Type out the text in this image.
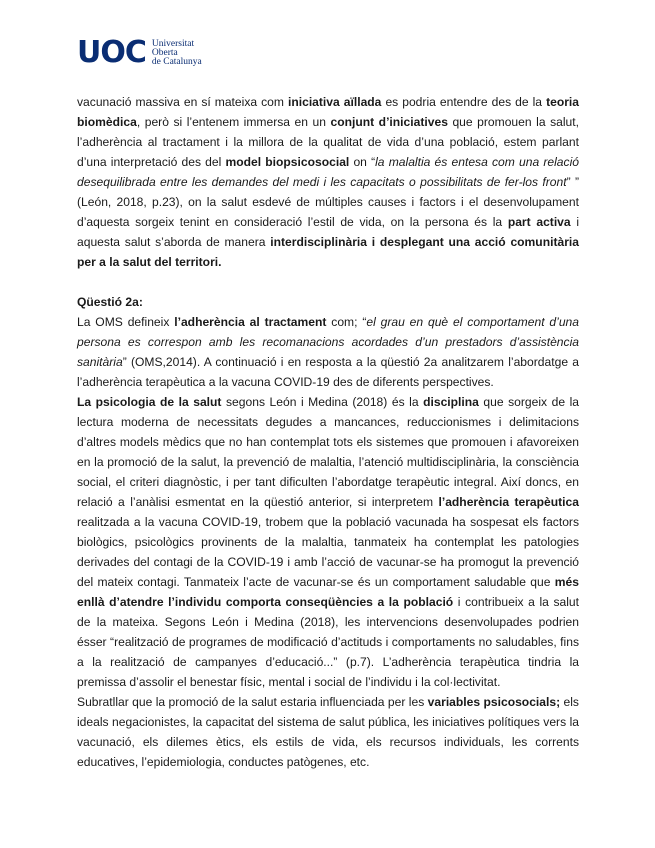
UOC Universitat
Oberta
de Catalunya

vacunació massiva en sí mateixa com iniciativa aïllada es podria entendre des de la teoria biomèdica, però si l’entenem immersa en un conjunt d’iniciatives que promouen la salut, l’adherència al tractament i la millora de la qualitat de vida d’una població, estem parlant d’una interpretació des del model biopsicosocial on “la malaltia és entesa com una relació desequilibrada entre les demandes del medi i les capacitats o possibilitats de fer-los front” ” (León, 2018, p.23), on la salut esdevé de múltiples causes i factors i el desenvolupament d’aquesta sorgeix tenint en consideració l’estil de vida, on la persona és la part activa i aquesta salut s’aborda de manera interdisciplinària i desplegant una acció comunitària per a la salut del territori.

Qüestió 2a:

La OMS defineix l’adherència al tractament com; “el grau en què el comportament d’una persona es correspon amb les recomanacions acordades d’un prestadors d’assistència sanitària” (OMS,2014). A continuació i en resposta a la qüestió 2a analitzarem l’abordatge a l’adherència terapèutica a la vacuna COVID-19 des de diferents perspectives.

La psicologia de la salut segons León i Medina (2018) és la disciplina que sorgeix de la lectura moderna de necessitats degudes a mancances, reduccionismes i delimitacions d’altres models mèdics que no han contemplat tots els sistemes que promouen i afavoreixen en la promoció de la salut, la prevenció de malaltia, l’atenció multidisciplinària, la consciència social, el criteri diagnòstic, i per tant dificulten l’abordatge terapèutic integral. Així doncs, en relació a l’anàlisi esmentat en la qüestió anterior, si interpretem l’adherència terapèutica realitzada a la vacuna COVID-19, trobem que la població vacunada ha sospesat els factors biològics, psicològics provinents de la malaltia, tanmateix ha contemplat les patologies derivades del contagi de la COVID-19 i amb l’acció de vacunar-se ha promogut la prevenció del mateix contagi. Tanmateix l’acte de vacunar-se és un comportament saludable que més enllà d’atendre l’individu comporta conseqüències a la població i contribueix a la salut de la mateixa. Segons León i Medina (2018), les intervencions desenvolupades podrien ésser “realització de programes de modificació d’actituds i comportaments no saludables, fins a la realització de campanyes d’educació...” (p.7). L’adherència terapèutica tindria la premissa d’assolir el benestar físic, mental i social de l’individu i la col·lectivitat.

Subratllar que la promoció de la salut estaria influenciada per les variables psicosocials; els ideals negacionistes, la capacitat del sistema de salut pública, les iniciatives polítiques vers la vacunació, els dilemes ètics, els estils de vida, els recursos individuals, les corrents educatives, l’epidemiologia, conductes patògenes, etc.
